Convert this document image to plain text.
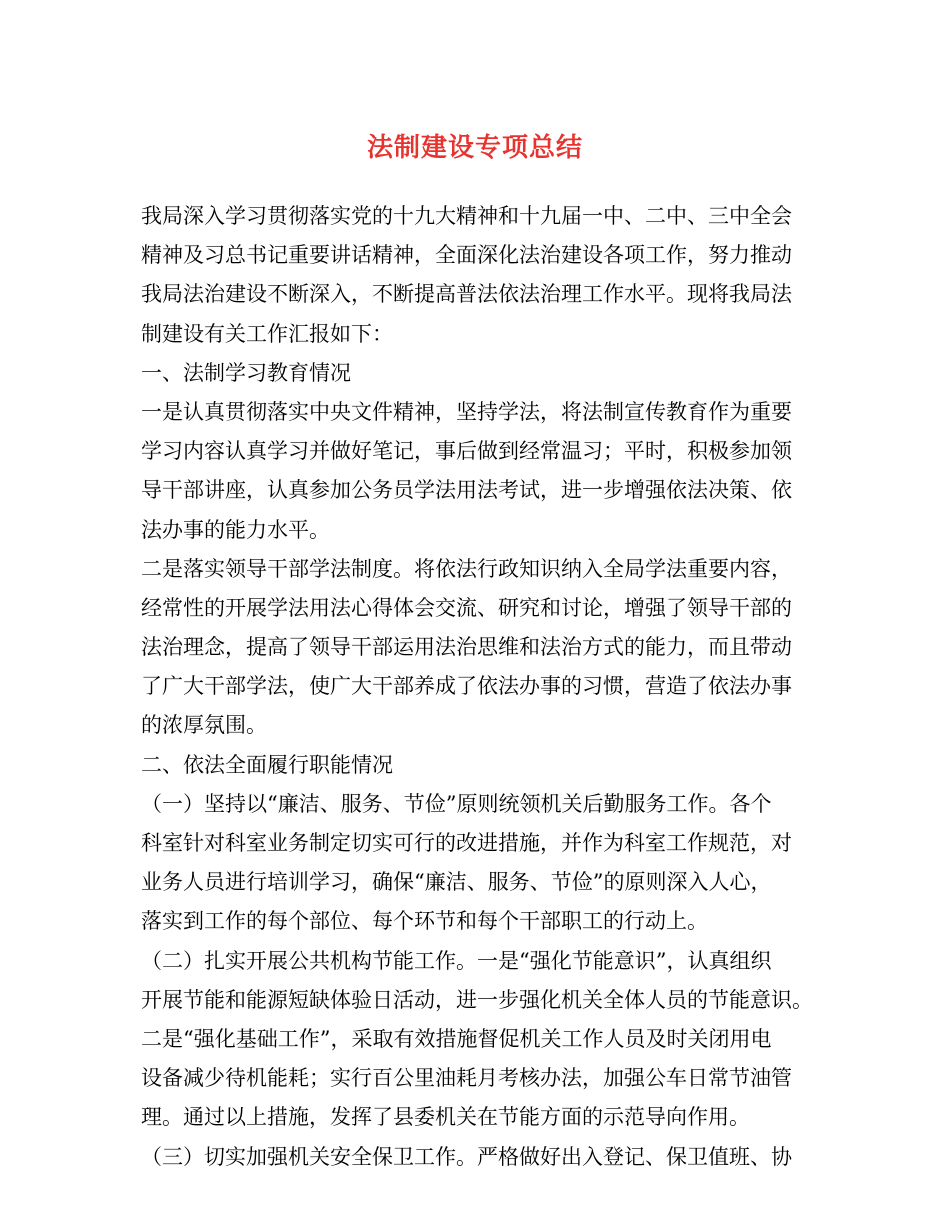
法制建设专项总结
我局深入学习贯彻落实党的十九大精神和十九届一中、二中、三中全会
精神及习总书记重要讲话精神，全面深化法治建设各项工作，努力推动
我局法治建设不断深入，不断提高普法依法治理工作水平。现将我局法
制建设有关工作汇报如下：
一、法制学习教育情况
一是认真贯彻落实中央文件精神，坚持学法，将法制宣传教育作为重要
学习内容认真学习并做好笔记，事后做到经常温习；平时，积极参加领
导干部讲座，认真参加公务员学法用法考试，进一步增强依法决策、依
法办事的能力水平。
二是落实领导干部学法制度。将依法行政知识纳入全局学法重要内容，
经常性的开展学法用法心得体会交流、研究和讨论，增强了领导干部的
法治理念，提高了领导干部运用法治思维和法治方式的能力，而且带动
了广大干部学法，使广大干部养成了依法办事的习惯，营造了依法办事
的浓厚氛围。
二、依法全面履行职能情况
（一）坚持以“廉洁、服务、节俭”原则统领机关后勤服务工作。各个
科室针对科室业务制定切实可行的改进措施，并作为科室工作规范，对
业务人员进行培训学习，确保“廉洁、服务、节俭”的原则深入人心，
落实到工作的每个部位、每个环节和每个干部职工的行动上。
（二）扎实开展公共机构节能工作。一是“强化节能意识”，认真组织
开展节能和能源短缺体验日活动，进一步强化机关全体人员的节能意识。
二是“强化基础工作”，采取有效措施督促机关工作人员及时关闭用电
设备减少待机能耗；实行百公里油耗月考核办法，加强公车日常节油管
理。通过以上措施，发挥了县委机关在节能方面的示范导向作用。
（三）切实加强机关安全保卫工作。严格做好出入登记、保卫值班、协
